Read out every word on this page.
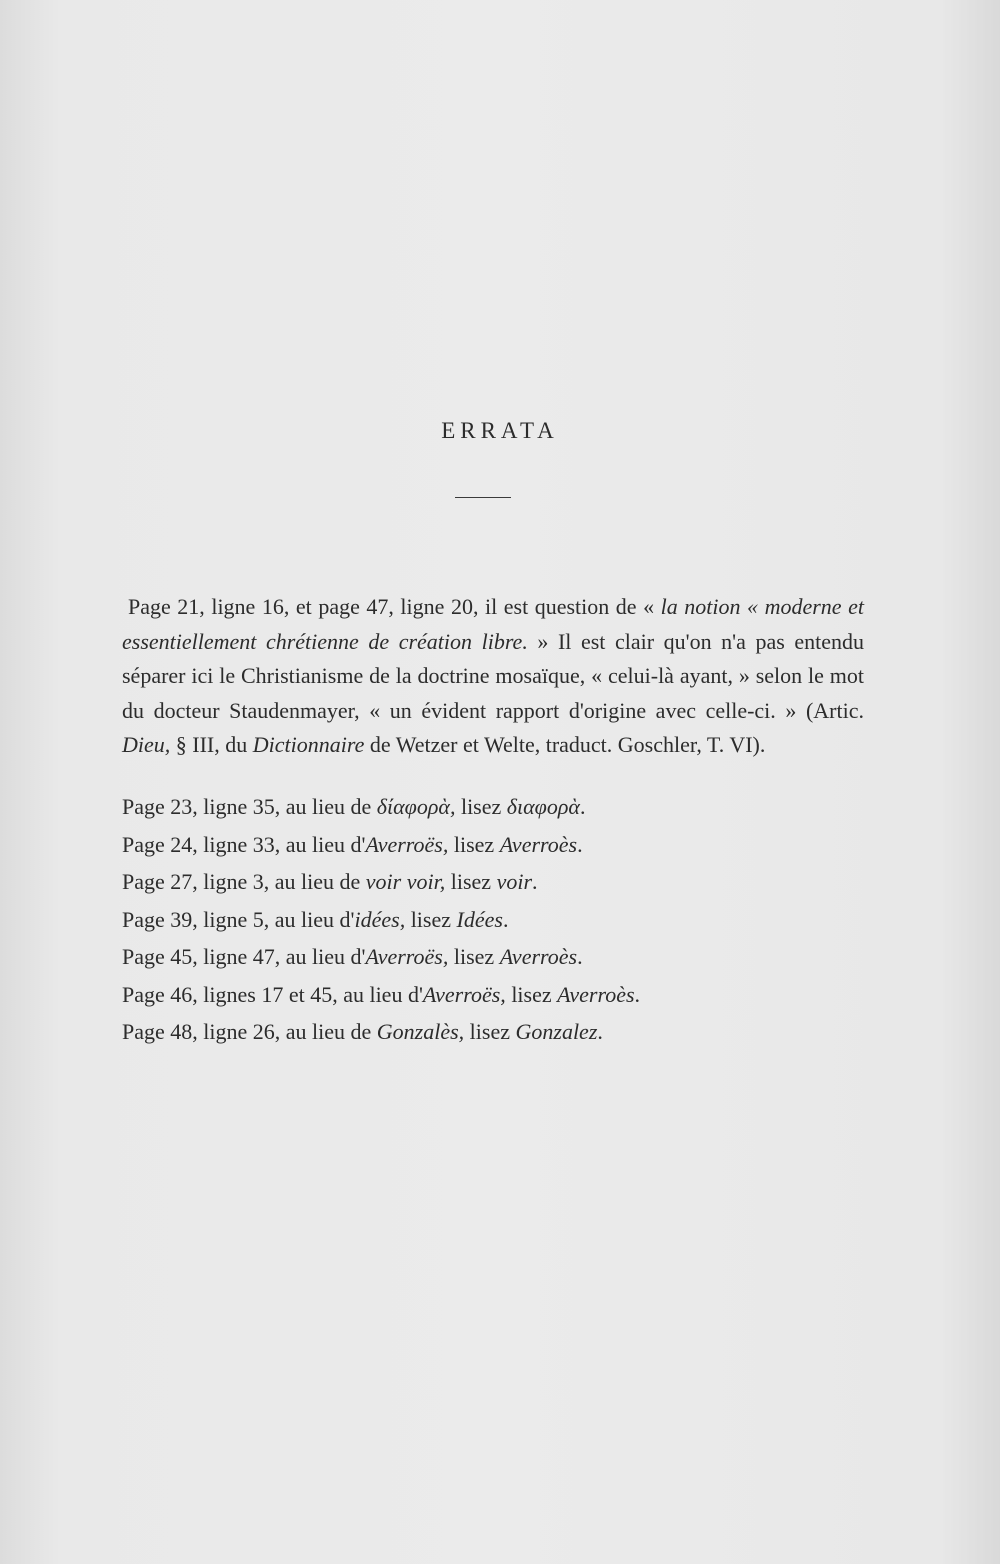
ERRATA

Page 21, ligne 16, et page 47, ligne 20, il est question de « la notion « moderne et essentiellement chrétienne de création libre. » Il est clair qu'on n'a pas entendu séparer ici le Christianisme de la doctrine mosaïque, « celui-là ayant, » selon le mot du docteur Staudenmayer, « un évident rapport d'origine avec celle-ci. » (Artic. Dieu, § III, du Dictionnaire de Wetzer et Welte, traduct. Goschler, T. VI).

Page 23, ligne 35, au lieu de δίαφορὰ, lisez διαφορὰ.
Page 24, ligne 33, au lieu d'Averroës, lisez Averroès.
Page 27, ligne 3, au lieu de voir voir, lisez voir.
Page 39, ligne 5, au lieu d'idées, lisez Idées.
Page 45, ligne 47, au lieu d'Averroës, lisez Averroès.
Page 46, lignes 17 et 45, au lieu d'Averroës, lisez Averroès.
Page 48, ligne 26, au lieu de Gonzalès, lisez Gonzalez.
